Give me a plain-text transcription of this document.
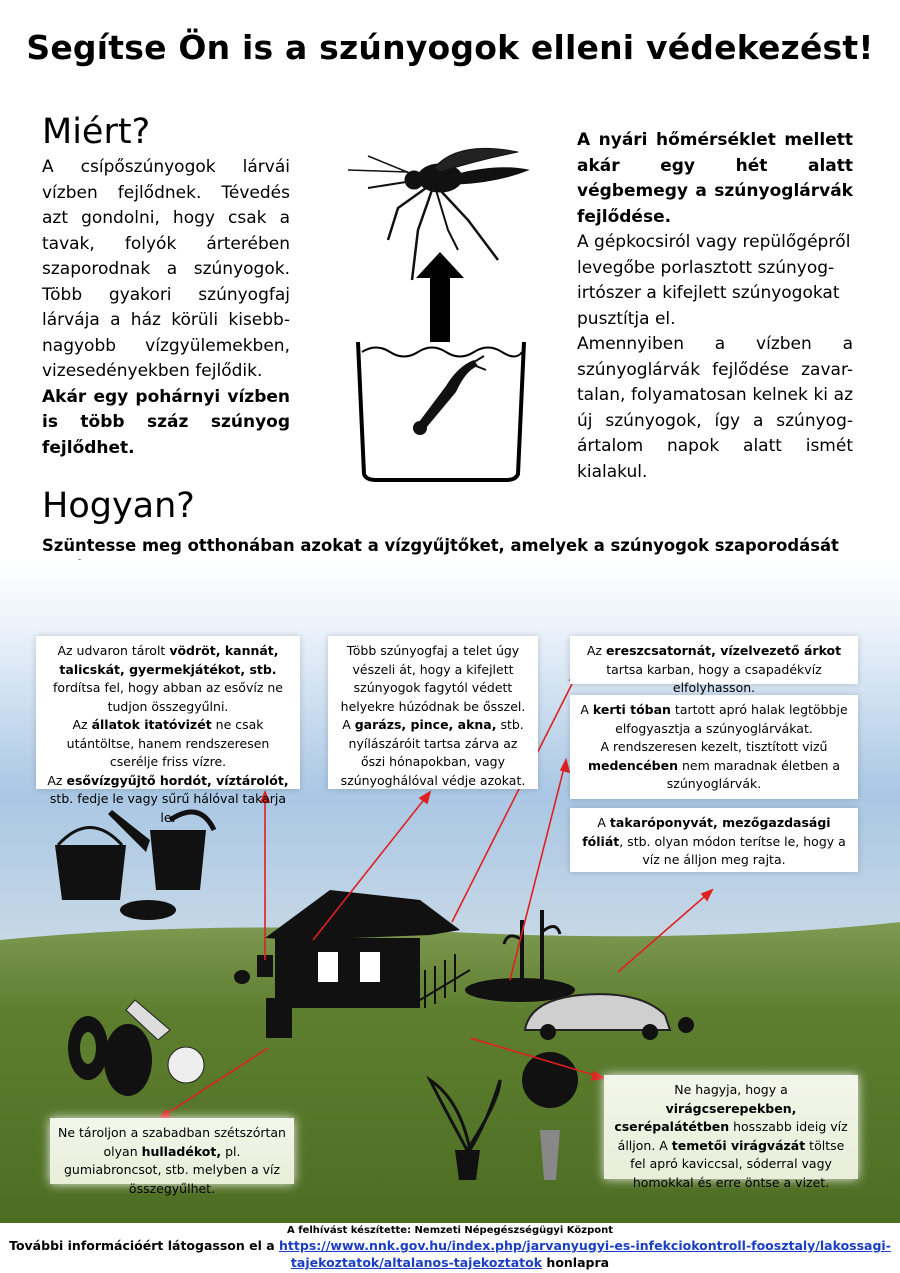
Segítse Ön is a szúnyogok elleni védekezést!
Miért?

A csípőszúnyogok lárvái vízben fejlődnek. Tévedés azt gondolni, hogy csak a tavak, folyók árterében szaporodnak a szúnyogok. Több gyakori szúnyogfaj lárvája a ház körüli kisebb-nagyobb vízgyülemekben, vizesedényekben fejlődik.

Akár egy pohárnyi vízben is több száz szúnyog fejlődhet.

A nyári hőmérséklet mellett akár egy hét alatt végbemegy a szúnyoglárvák fejlődése.

A gépkocsiról vagy repülőgépről levegőbe porlasztott szúnyog-irtószer a kifejlett szúnyogokat pusztítja el.

Amennyiben a vízben a szúnyoglárvák fejlődése zavar-talan, folyamatosan kelnek ki az új szúnyogok, így a szúnyog-ártalom napok alatt ismét kialakul.

Hogyan?
Szüntesse meg otthonában azokat a vízgyűjtőket, amelyek a szúnyogok szaporodását

Az udvaron tárolt vödröt, kannát, talicskát, gyermekjátékot, stb. fordítsa fel, hogy abban az esővíz ne tudjon összegyűlni.

Az állatok itatóvizét ne csak utántöltse, hanem rendszeresen cserélje friss vízre.

Az esővízgyűjtő hordót, víztárolót, stb. fedje le vagy sűrű hálóval takarja le.

Több szúnyogfaj a telet úgy vészeli át, hogy a kifejlett szúnyogok fagytól védett helyekre húzódnak be ősszel. A garázs, pince, akna, stb. nyílászáróit tartsa zárva az őszi hónapokban, vagy szúnyoghálóval védje azokat.

Az ereszcsatornát, vízelvezető árkot tartsa karban, hogy a csapadékvíz elfolyhasson.

A kerti tóban tartott apró halak legtöbbje elfogyasztja a szúnyoglárvákat.

A rendszeresen kezelt, tisztított vizű medencében nem maradnak életben a szúnyoglárvák.

A takaróponyvát, mezőgazdasági fóliát, stb. olyan módon terítse le, hogy a víz ne álljon meg rajta.

Ne tároljon a szabadban szétszórtan olyan hulladékot, pl. gumiabroncsot, stb. melyben a víz összegyűlhet.

Ne hagyja, hogy a virágcserepekben, cserépalátétben hosszabb ideig víz álljon. A temetői virágvázát töltse fel apró kaviccsal, sóderral vagy homokkal és erre öntse a vizet.

A felhívást készítette: Nemzeti Népegészségügyi Központ
További információért látogasson el a https://www.nnk.gov.hu/index.php/jarvanyugyi-es-infekciokontroll-foosztaly/lakossagi-tajekoztatok/altalanos-tajekoztatok honlapra
